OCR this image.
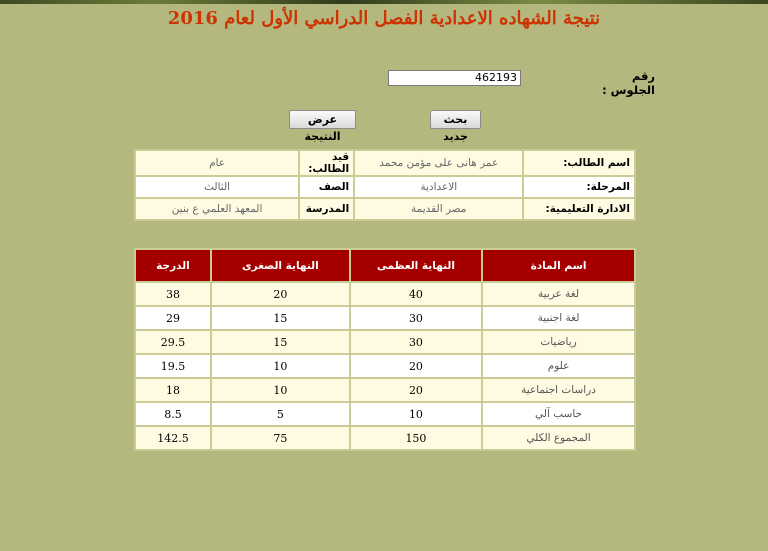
نتيجة الشهاده الاعدادية الفصل الدراسي الأول لعام 2016
رقم الجلوس :
462193
عرض النتيجة
بحث جديد
اسم الطالب:	عمر هانى على مؤمن محمد	قيد الطالب:	عام
المرحلة:	الاعدادية	الصف	الثالث
الادارة التعليمية:	مصر القديمة	المدرسة	المعهد العلمي ع بنين
اسم المادة	النهاية العظمى	النهاية الصغرى	الدرجة
لغة عربية	40	20	38
لغة اجنبية	30	15	29
رياضيات	30	15	29.5
علوم	20	10	19.5
دراسات اجتماعية	20	10	18
حاسب آلي	10	5	8.5
المجموع الكلي	150	75	142.5
